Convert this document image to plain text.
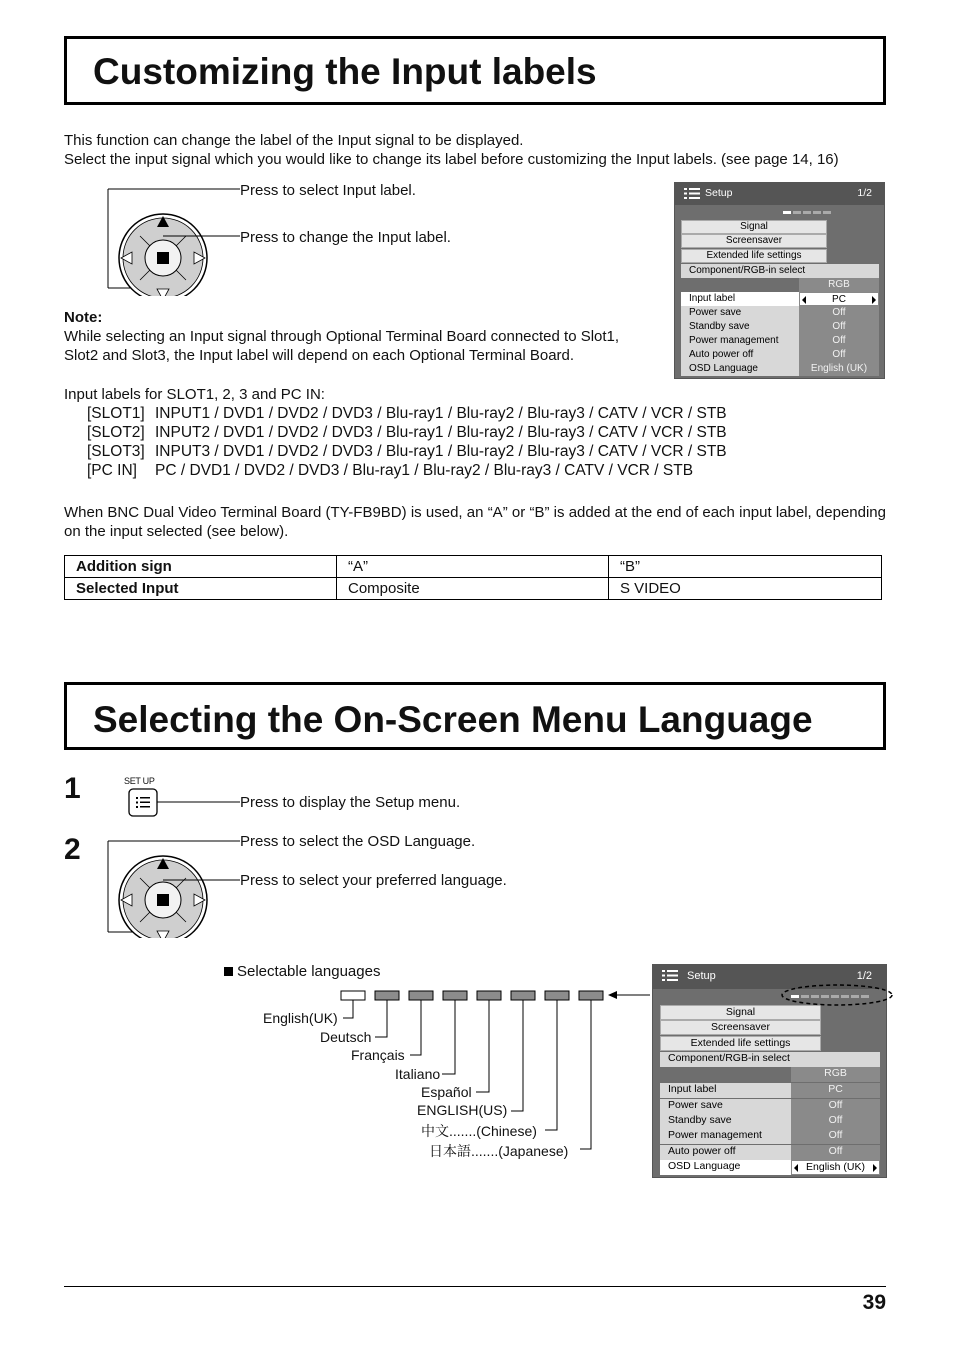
Customizing the Input labels
This function can change the label of the Input signal to be displayed.
Select the input signal which you would like to change its label before customizing the Input labels. (see page 14, 16)
Press to select Input label.
Press to change the Input label.
Note:
While selecting an Input signal through Optional Terminal Board connected to Slot1,
Slot2 and Slot3, the Input label will depend on each Optional Terminal Board.
Setup	1/2
Signal
Screensaver
Extended life settings
Component/RGB-in select
RGB
Input label	PC
Power save	Off
Standby save	Off
Power management	Off
Auto power off	Off
OSD Language	English (UK)
Input labels for SLOT1, 2, 3 and PC IN:
[SLOT1] INPUT1 / DVD1 / DVD2 / DVD3 / Blu-ray1 / Blu-ray2 / Blu-ray3 / CATV / VCR / STB
[SLOT2] INPUT2 / DVD1 / DVD2 / DVD3 / Blu-ray1 / Blu-ray2 / Blu-ray3 / CATV / VCR / STB
[SLOT3] INPUT3 / DVD1 / DVD2 / DVD3 / Blu-ray1 / Blu-ray2 / Blu-ray3 / CATV / VCR / STB
[PC IN] PC / DVD1 / DVD2 / DVD3 / Blu-ray1 / Blu-ray2 / Blu-ray3 / CATV / VCR / STB
When BNC Dual Video Terminal Board (TY-FB9BD) is used, an “A” or “B” is added at the end of each input label, depending on the input selected (see below).
Addition sign	“A”	“B”
Selected Input	Composite	S VIDEO
Selecting the On-Screen Menu Language
1
2
SET UP
Press to display the Setup menu.
Press to select the OSD Language.
Press to select your preferred language.
Selectable languages
English(UK)
Deutsch
Français
Italiano
Español
ENGLISH(US)
中文.......(Chinese)
日本語.......(Japanese)
Setup	1/2
Signal
Screensaver
Extended life settings
Component/RGB-in select
RGB
Input label	PC
Power save	Off
Standby save	Off
Power management	Off
Auto power off	Off
OSD Language	English (UK)
39
